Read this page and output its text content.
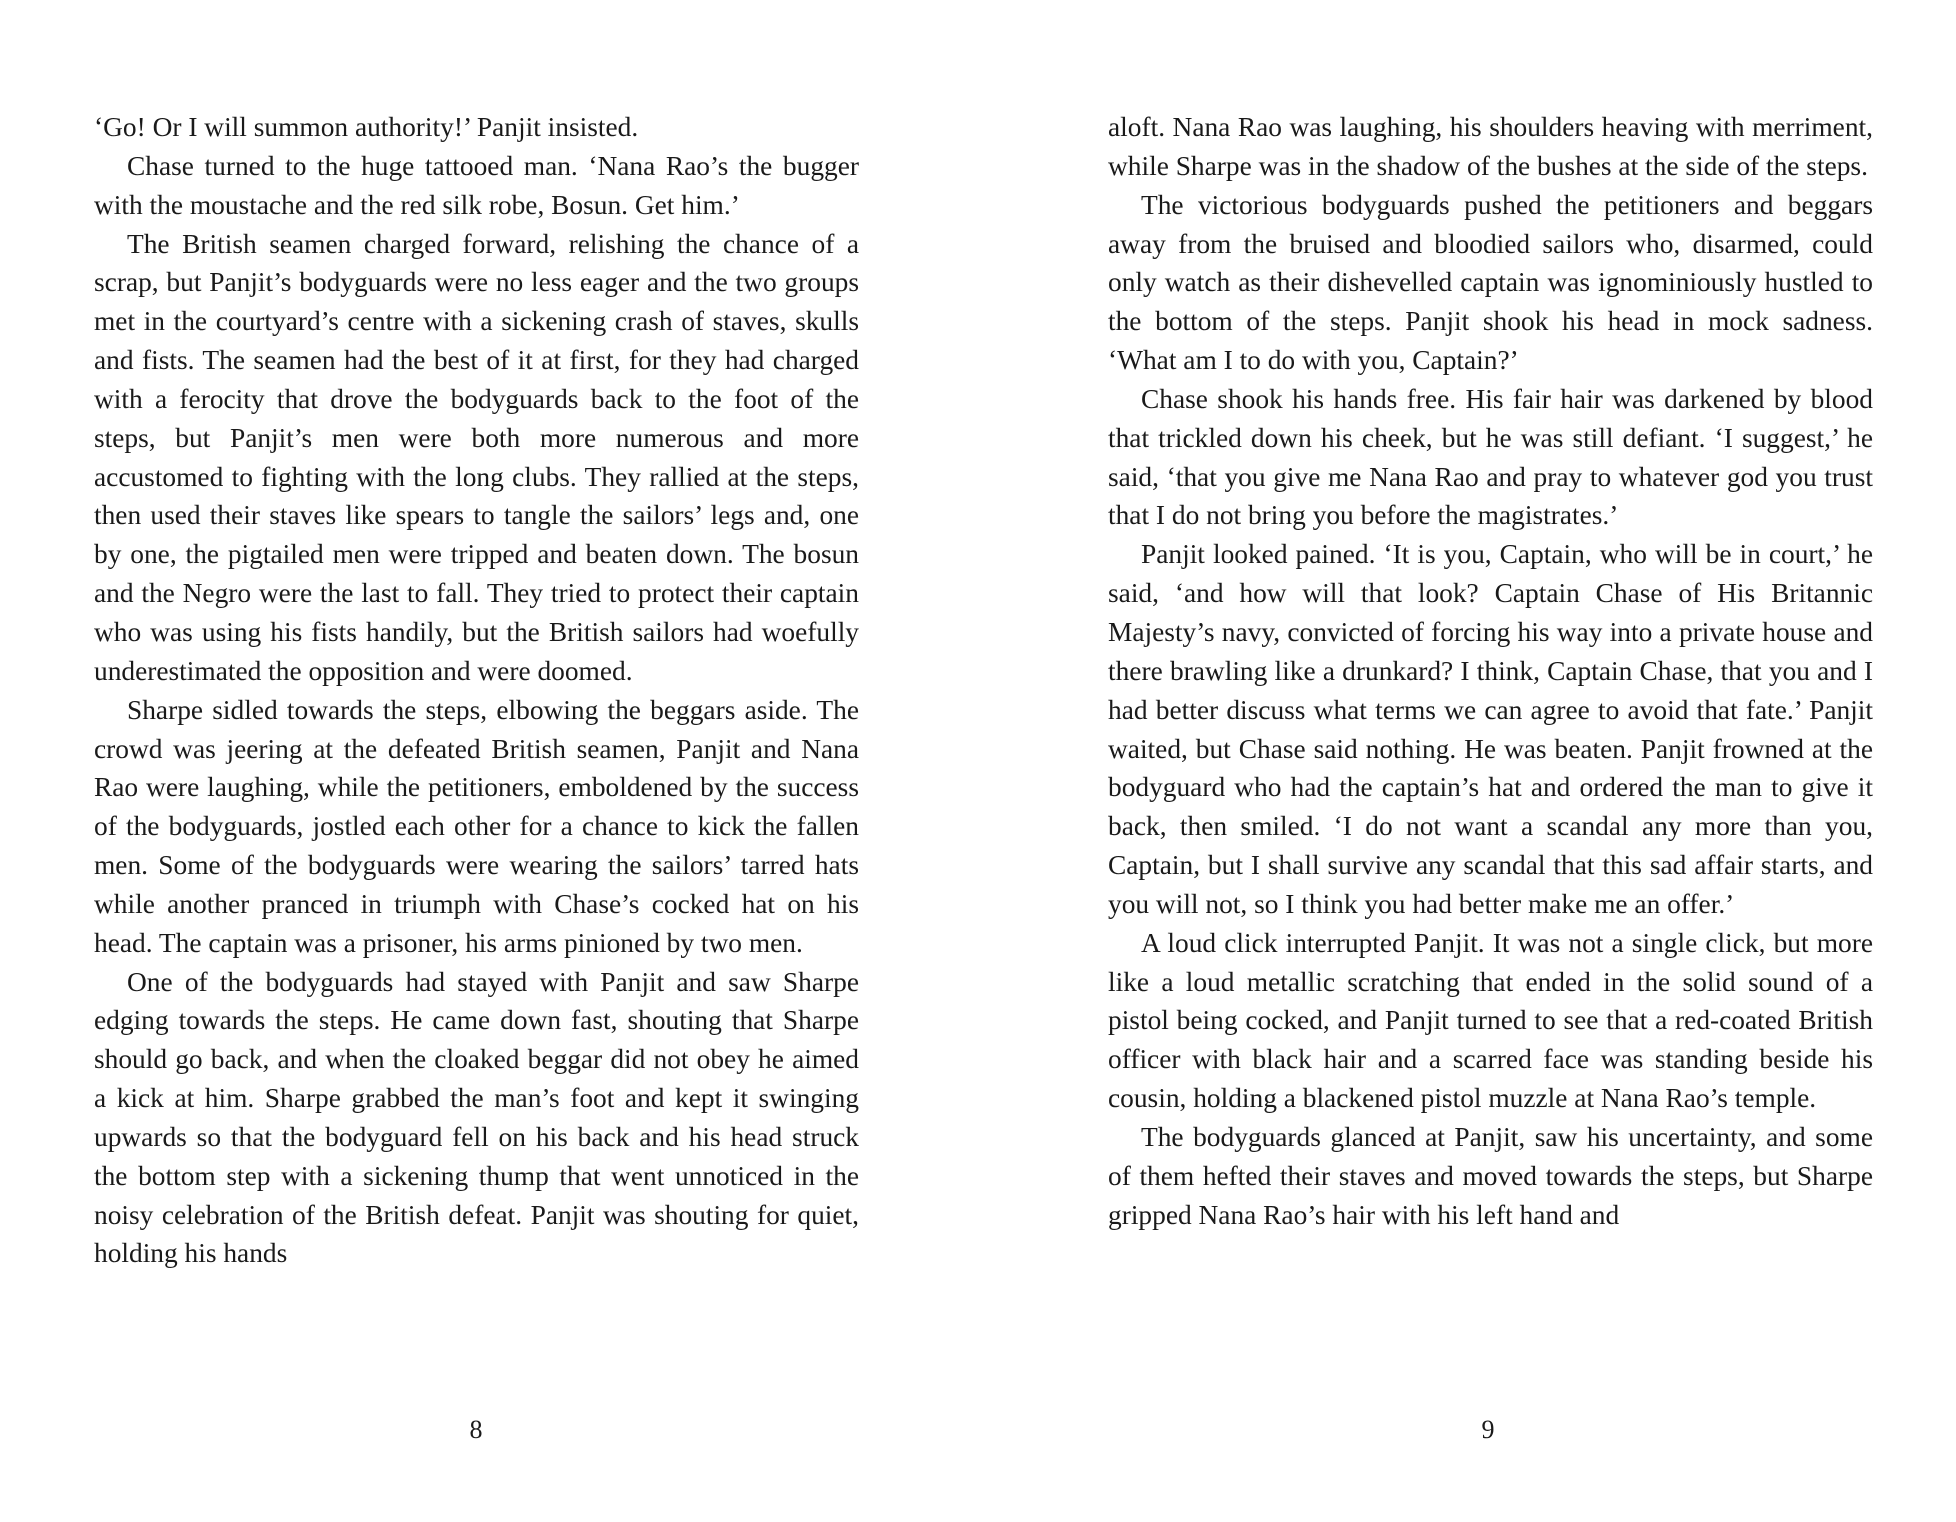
‘Go! Or I will summon authority!’ Panjit insisted.

Chase turned to the huge tattooed man. ‘Nana Rao’s the bugger with the moustache and the red silk robe, Bosun. Get him.’

The British seamen charged forward, relishing the chance of a scrap, but Panjit’s bodyguards were no less eager and the two groups met in the courtyard’s centre with a sickening crash of staves, skulls and fists. The seamen had the best of it at first, for they had charged with a ferocity that drove the bodyguards back to the foot of the steps, but Panjit’s men were both more numerous and more accustomed to fighting with the long clubs. They rallied at the steps, then used their staves like spears to tangle the sailors’ legs and, one by one, the pigtailed men were tripped and beaten down. The bosun and the Negro were the last to fall. They tried to protect their captain who was using his fists handily, but the British sailors had woefully underestimated the opposition and were doomed.

Sharpe sidled towards the steps, elbowing the beggars aside. The crowd was jeering at the defeated British seamen, Panjit and Nana Rao were laughing, while the petitioners, emboldened by the success of the bodyguards, jostled each other for a chance to kick the fallen men. Some of the bodyguards were wearing the sailors’ tarred hats while another pranced in triumph with Chase’s cocked hat on his head. The captain was a prisoner, his arms pinioned by two men.

One of the bodyguards had stayed with Panjit and saw Sharpe edging towards the steps. He came down fast, shouting that Sharpe should go back, and when the cloaked beggar did not obey he aimed a kick at him. Sharpe grabbed the man’s foot and kept it swinging upwards so that the bodyguard fell on his back and his head struck the bottom step with a sickening thump that went unnoticed in the noisy celebration of the British defeat. Panjit was shouting for quiet, holding his hands

8

aloft. Nana Rao was laughing, his shoulders heaving with merriment, while Sharpe was in the shadow of the bushes at the side of the steps.

The victorious bodyguards pushed the petitioners and beggars away from the bruised and bloodied sailors who, disarmed, could only watch as their dishevelled captain was ignominiously hustled to the bottom of the steps. Panjit shook his head in mock sadness. ‘What am I to do with you, Captain?’

Chase shook his hands free. His fair hair was darkened by blood that trickled down his cheek, but he was still defiant. ‘I suggest,’ he said, ‘that you give me Nana Rao and pray to whatever god you trust that I do not bring you before the magistrates.’

Panjit looked pained. ‘It is you, Captain, who will be in court,’ he said, ‘and how will that look? Captain Chase of His Britannic Majesty’s navy, convicted of forcing his way into a private house and there brawling like a drunkard? I think, Captain Chase, that you and I had better discuss what terms we can agree to avoid that fate.’ Panjit waited, but Chase said nothing. He was beaten. Panjit frowned at the bodyguard who had the captain’s hat and ordered the man to give it back, then smiled. ‘I do not want a scandal any more than you, Captain, but I shall survive any scandal that this sad affair starts, and you will not, so I think you had better make me an offer.’

A loud click interrupted Panjit. It was not a single click, but more like a loud metallic scratching that ended in the solid sound of a pistol being cocked, and Panjit turned to see that a red-coated British officer with black hair and a scarred face was standing beside his cousin, holding a blackened pistol muzzle at Nana Rao’s temple.

The bodyguards glanced at Panjit, saw his uncertainty, and some of them hefted their staves and moved towards the steps, but Sharpe gripped Nana Rao’s hair with his left hand and

9
